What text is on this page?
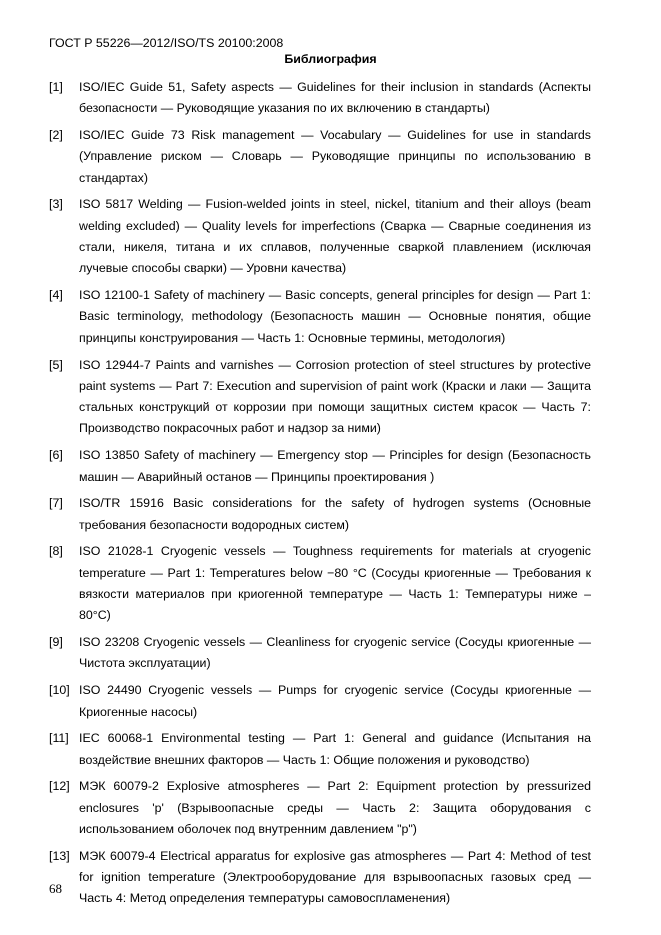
ГОСТ Р 55226—2012/ISO/TS 20100:2008
Библиография
[1] ISO/IEC Guide 51, Safety aspects — Guidelines for their inclusion in standards (Аспекты безопасности — Руководящие указания по их включению в стандарты)
[2] ISO/IEC Guide 73 Risk management — Vocabulary — Guidelines for use in standards (Управление риском — Словарь — Руководящие принципы по использованию в стандартах)
[3] ISO 5817 Welding — Fusion-welded joints in steel, nickel, titanium and their alloys (beam welding excluded) — Quality levels for imperfections (Сварка — Сварные соединения из стали, никеля, титана и их сплавов, полученные сваркой плавлением (исключая лучевые способы сварки) — Уровни качества)
[4] ISO 12100-1 Safety of machinery — Basic concepts, general principles for design — Part 1: Basic terminology, methodology (Безопасность машин — Основные понятия, общие принципы конструирования — Часть 1: Основные термины, методология)
[5] ISO 12944-7 Paints and varnishes — Corrosion protection of steel structures by protective paint systems — Part 7: Execution and supervision of paint work (Краски и лаки — Защита стальных конструкций от коррозии при помощи защитных систем красок — Часть 7: Производство покрасочных работ и надзор за ними)
[6] ISO 13850 Safety of machinery — Emergency stop — Principles for design (Безопасность машин — Аварийный останов — Принципы проектирования )
[7] ISO/TR 15916 Basic considerations for the safety of hydrogen systems (Основные требования безопасности водородных систем)
[8] ISO 21028-1 Cryogenic vessels — Toughness requirements for materials at cryogenic temperature — Part 1: Temperatures below −80 °C (Сосуды криогенные — Требования к вязкости материалов при криогенной температуре — Часть 1: Температуры ниже –80°C)
[9] ISO 23208 Cryogenic vessels — Cleanliness for cryogenic service (Сосуды криогенные — Чистота эксплуатации)
[10] ISO 24490 Cryogenic vessels — Pumps for cryogenic service (Сосуды криогенные — Криогенные насосы)
[11] IEC 60068-1 Environmental testing — Part 1: General and guidance (Испытания на воздействие внешних факторов — Часть 1: Общие положения и руководство)
[12] МЭК 60079-2 Explosive atmospheres — Part 2: Equipment protection by pressurized enclosures 'p' (Взрывоопасные среды — Часть 2: Защита оборудования с использованием оболочек под внутренним давлением "p")
[13] МЭК 60079-4 Electrical apparatus for explosive gas atmospheres — Part 4: Method of test for ignition temperature (Электрооборудование для взрывоопасных газовых сред — Часть 4: Метод определения температуры самовоспламенения)
68
